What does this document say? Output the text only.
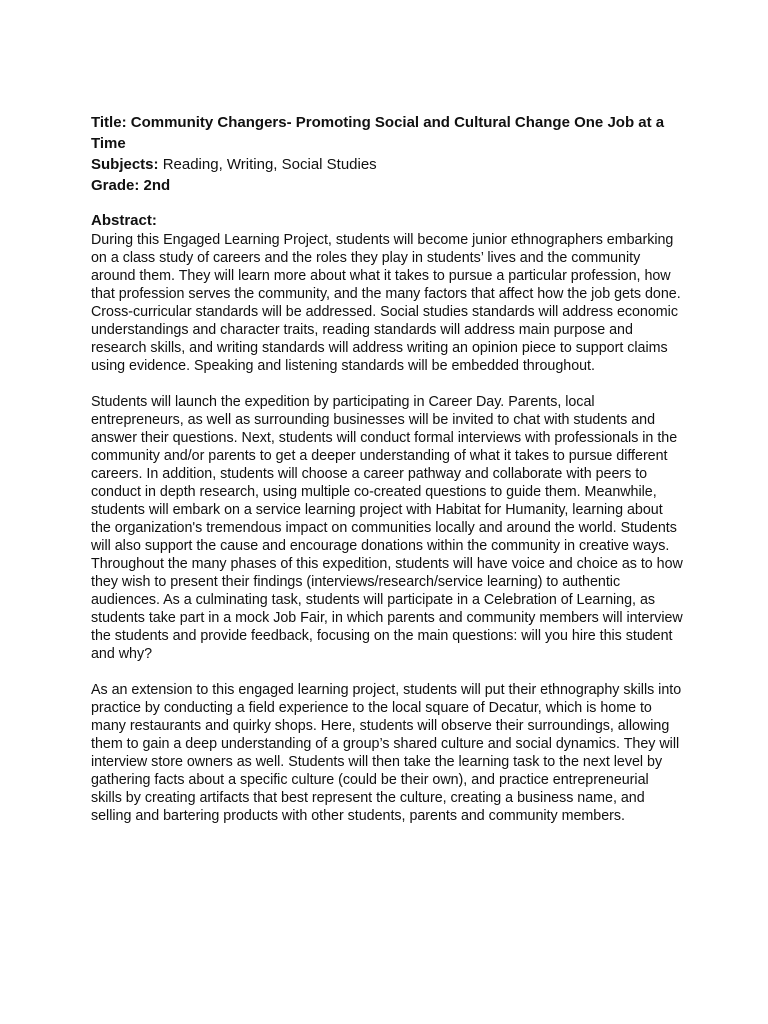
Title: Community Changers- Promoting Social and Cultural Change One Job at a Time

Subjects: Reading, Writing, Social Studies

Grade: 2nd

Abstract:

During this Engaged Learning Project, students will become junior ethnographers embarking on a class study of careers and the roles they play in students’ lives and the community around them. They will learn more about what it takes to pursue a particular profession, how that profession serves the community, and the many factors that affect how the job gets done. Cross-curricular standards will be addressed. Social studies standards will address economic understandings and character traits, reading standards will address main purpose and research skills, and writing standards will address writing an opinion piece to support claims using evidence. Speaking and listening standards will be embedded throughout.

Students will launch the expedition by participating in Career Day. Parents, local entrepreneurs, as well as surrounding businesses will be invited to chat with students and answer their questions. Next, students will conduct formal interviews with professionals in the community and/or parents to get a deeper understanding of what it takes to pursue different careers. In addition, students will choose a career pathway and collaborate with peers to conduct in depth research, using multiple co-created questions to guide them. Meanwhile, students will embark on a service learning project with Habitat for Humanity, learning about the organization's tremendous impact on communities locally and around the world. Students will also support the cause and encourage donations within the community in creative ways. Throughout the many phases of this expedition, students will have voice and choice as to how they wish to present their findings (interviews/research/service learning) to authentic audiences. As a culminating task, students will participate in a Celebration of Learning, as students take part in a mock Job Fair, in which parents and community members will interview the students and provide feedback, focusing on the main questions: will you hire this student and why?

As an extension to this engaged learning project, students will put their ethnography skills into practice by conducting a field experience to the local square of Decatur, which is home to many restaurants and quirky shops. Here, students will observe their surroundings, allowing them to gain a deep understanding of a group’s shared culture and social dynamics. They will interview store owners as well. Students will then take the learning task to the next level by gathering facts about a specific culture (could be their own), and practice entrepreneurial skills by creating artifacts that best represent the culture, creating a business name, and selling and bartering products with other students, parents and community members.
